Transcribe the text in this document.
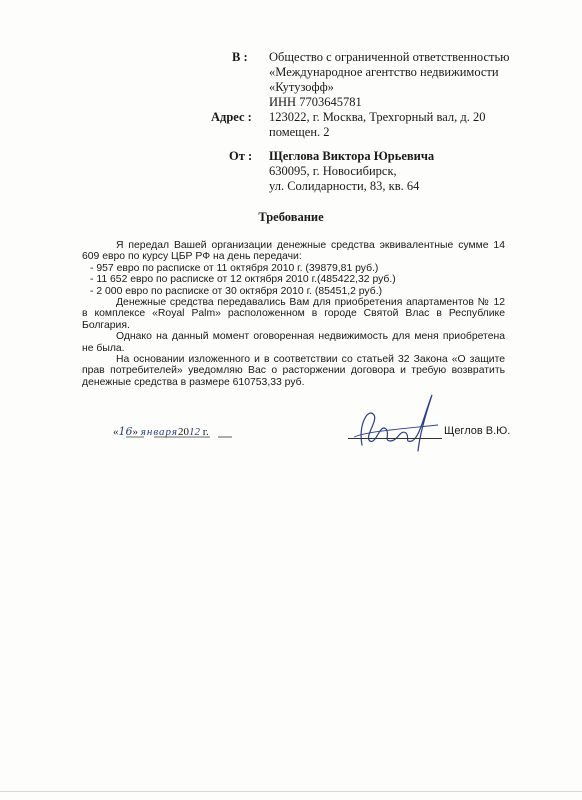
В : Общество с ограниченной ответственностью
«Международное агентство недвижимости
«Кутузофф»
ИНН 7703645781
Адрес : 123022, г. Москва, Трехгорный вал, д. 20
помещен. 2
От : Щеглова Виктора Юрьевича
630095, г. Новосибирск,
ул. Солидарности, 83, кв. 64
Требование

Я передал Вашей организации денежные средства эквивалентные сумме 14 609 евро по курсу ЦБР РФ на день передачи:

- 957 евро по расписке от 11 октября 2010 г. (39879,81 руб.)

- 11 652 евро по расписке от 12 октября 2010 г.(485422,32 руб.)

- 2 000 евро по расписке от 30 октября 2010 г. (85451,2 руб.)

Денежные средства передавались Вам для приобретения апартаментов № 12 в комплексе «Royal Palm» расположенном в городе Святой Влас в Республике Болгария.

Однако на данный момент оговоренная недвижимость для меня приобретена не была.

На основании изложенного и в соответствии со статьей 32 Закона «О защите прав потребителей» уведомляю Вас о расторжении договора и требую возвратить денежные средства в размере 610753,33 руб.

«16» января2012 г.	Щеглов В.Ю.
